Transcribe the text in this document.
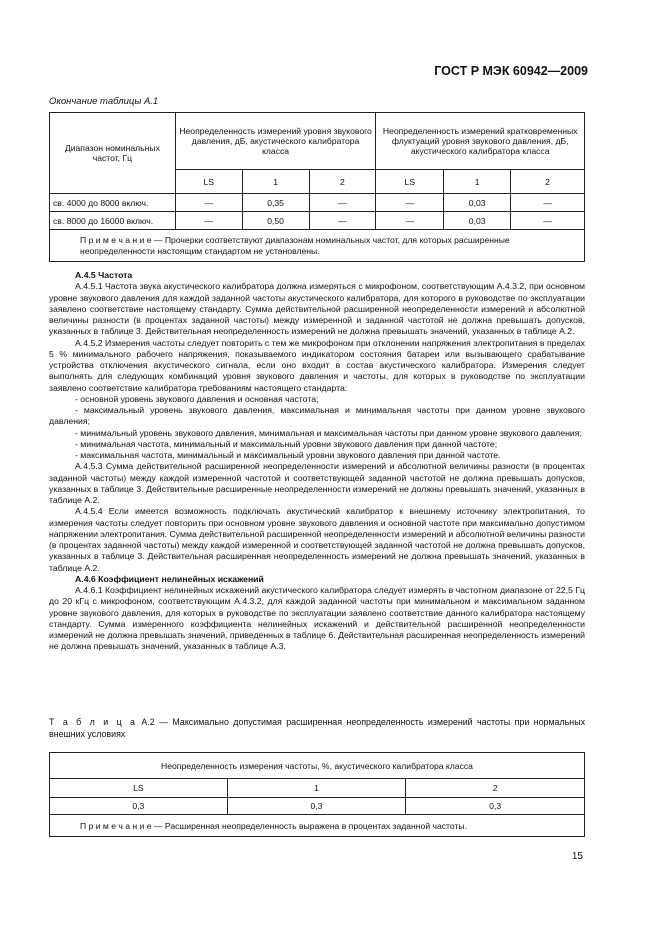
ГОСТ Р МЭК 60942—2009
Окончание таблицы А.1
Диапазон номинальных частот, Гц	Неопределенность измерений уровня звукового давления, дБ, акустического калибратора класса			Неопределенность измерений кратковременных флуктуаций уровня звукового давления, дБ, акустического калибратора класса		
	LS	1	2	LS	1	2
св. 4000 до 8000 включ.	—	0,35	—	—	0,03	—
св. 8000 до 16000 включ.	—	0,50	—	—	0,03	—
П р и м е ч а н и е — Прочерки соответствуют диапазонам номинальных частот, для которых расширенные неопределенности настоящим стандартом не установлены.						

А.4.5 Частота

А.4.5.1 Частота звука акустического калибратора должна измеряться с микрофоном, соответствующим А.4.3.2, при основном уровне звукового давления для каждой заданной частоты акустического калибратора, для которого в руководстве по эксплуатации заявлено соответствие настоящему стандарту. Сумма действительной расширенной неопределенности измерений и абсолютной величины разности (в процентах заданной частоты) между измеренной и заданной частотой не должна превышать допусков, указанных в таблице 3. Действительная неопределенность измерений не должна превышать значений, указанных в таблице А.2.

А.4.5.2 Измерения частоты следует повторить с тем же микрофоном при отклонении напряжения электропитания в пределах 5 % минимального рабочего напряжения, показываемого индикатором состояния батареи или вызывающего срабатывание устройства отключения акустического сигнала, если оно входит в состав акустического калибратора. Измерения следует выполнять для следующих комбинаций уровня звукового давления и частоты, для которых в руководстве по эксплуатации заявлено соответствие калибратора требованиям настоящего стандарта:

- основной уровень звукового давления и основная частота;

- максимальный уровень звукового давления, максимальная и минимальная частоты при данном уровне звукового давления;

- минимальный уровень звукового давления, минимальная и максимальная частоты при данном уровне звукового давления;

- минимальная частота, минимальный и максимальный уровни звукового давления при данной частоте;

- максимальная частота, минимальный и максимальный уровни звукового давления при данной частоте.

А.4.5.3 Сумма действительной расширенной неопределенности измерений и абсолютной величины разности (в процентах заданной частоты) между каждой измеренной частотой и соответствующей заданной частотой не должна превышать допусков, указанных в таблице 3. Действительные расширенные неопределенности измерений не должны превышать значений, указанных в таблице А.2.

А.4.5.4 Если имеется возможность подключать акустический калибратор к внешнему источнику электропитания, то измерения частоты следует повторить при основном уровне звукового давления и основной частоте при максимально допустимом напряжении электропитания. Сумма действительной расширенной неопределенности измерений и абсолютной величины разности (в процентах заданной частоты) между каждой измеренной и соответствующей заданной частотой не должна превышать допусков, указанных в таблице 3. Действительная расширенная неопределенность измерений не должна превышать значений, указанных в таблице А.2.

А.4.6 Коэффициент нелинейных искажений

А.4.6.1 Коэффициент нелинейных искажений акустического калибратора следует измерять в частотном диапазоне от 22,5 Гц до 20 кГц с микрофоном, соответствующим А.4.3.2, для каждой заданной частоты при минимальном и максимальном заданном уровне звукового давления, для которых в руководстве по эксплуатации заявлено соответствие данного калибратора настоящему стандарту. Сумма измеренного коэффициента нелинейных искажений и действительной расширенной неопределенности измерений не должна превышать значений, приведенных в таблице 6. Действительная расширенная неопределенность измерений не должна превышать значений, указанных в таблице А.3.

Т а б л и ц а А.2 — Максимально допустимая расширенная неопределенность измерений частоты при нормальных внешних условиях
Неопределенность измерения частоты, %, акустического калибратора класса		
LS	1	2
0,3	0,3	0,3
П р и м е ч а н и е — Расширенная неопределенность выражена в процентах заданной частоты.		
15
